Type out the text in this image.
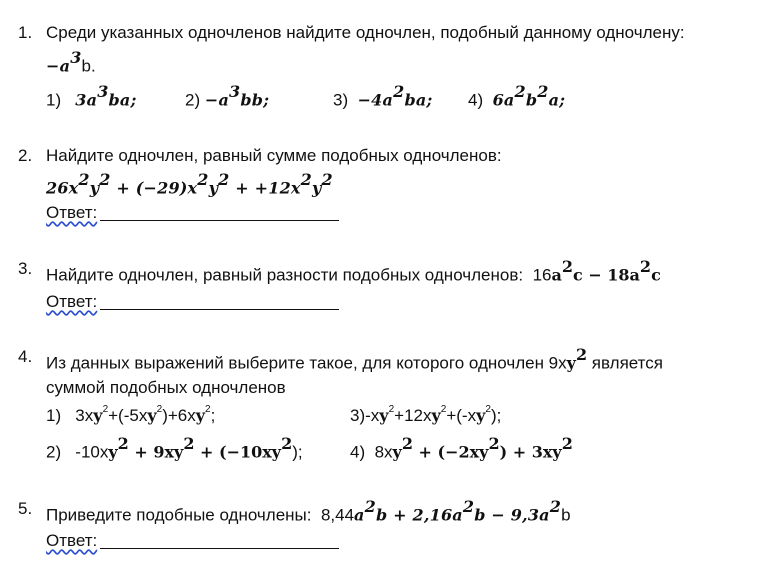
1. Среди указанных одночленов найдите одночлен, подобный данному одночлену:
$-a^3b$.
1) $3a^3ba$;	$2) -a^3bb$;	$3) -4a^2ba$; 4) $6a^2b^2a$;
2. Найдите одночлен, равный сумме подобных одночленов:
$26x^2y^2 + (-29)x^2y^2 + +12x^2y^2$
Ответ:
3. Найдите одночлен, равный разности подобных одночленов: $16a^2c - 18a^2c$
Ответ:
4. Из данных выражений выберите такое, для которого одночлен $9xy^2$ является
суммой подобных одночленов
1) $3xy^2+(-5xy^2)+6xy^2$;	$3)-xy^2+12xy^2+(-xy^2)$;
2) $-10xy^2 + 9xy^2 + (-10xy^2)$;	4) $8xy^2 + (-2xy^2) + 3xy^2$
5. Приведите подобные одночлены: $8,44a^2b + 2,16a^2b - 9,3a^2b$
Ответ:
